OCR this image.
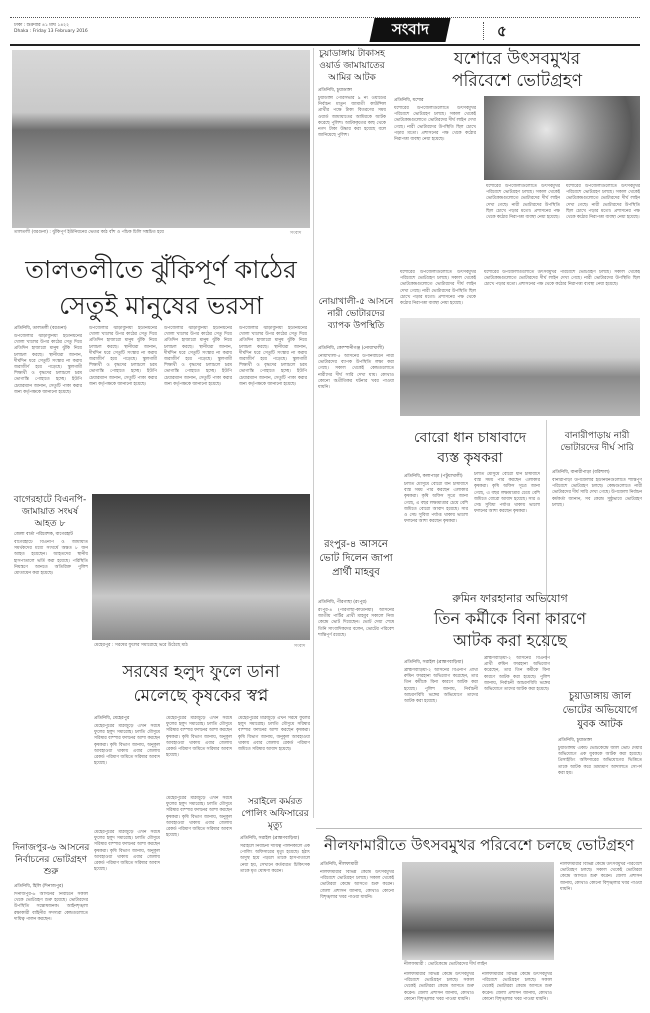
ঢাকা : শুক্রবার ৪১ মাঘ ১৪২২
Dhaka : Friday 13 February 2016	সংবাদ	৫
তালতলী (বরগুনা) : ঝুঁকিপূর্ণ ইউনিয়নের ভেতর কাঠ বাঁশ ও পাঁচক চিলি সঙ্কচিত হয়ে	সংবাদ
তালতলীতে ঝুঁকিপূর্ণ কাঠের
সেতুই মানুষের ভরসা
প্রতিনিধি, তালতলী (বরগুনা)
উপজেলার ঝাড়াবুনিয়া ইউনিয়নের খোলা খালের উপর কাঠের সেতু দিয়ে প্রতিদিন হাজারো মানুষ ঝুঁকি নিয়ে চলাচল করছে। স্থানীয়রা জানান, দীর্ঘদিন ধরে সেতুটি সংস্কার না করায় জরাজীর্ণ হয়ে পড়েছে। স্কুলগামী শিক্ষার্থী ও বৃদ্ধদের চলাচলে চরম ভোগান্তি পোহাতে হচ্ছে। ইউপি চেয়ারম্যান জানান, সেতুটি পাকা করার জন্য কর্তৃপক্ষকে জানানো হয়েছে।
উপজেলার ঝাড়াবুনিয়া ইউনিয়নের খোলা খালের উপর কাঠের সেতু দিয়ে প্রতিদিন হাজারো মানুষ ঝুঁকি নিয়ে চলাচল করছে। স্থানীয়রা জানান, দীর্ঘদিন ধরে সেতুটি সংস্কার না করায় জরাজীর্ণ হয়ে পড়েছে। স্কুলগামী শিক্ষার্থী ও বৃদ্ধদের চলাচলে চরম ভোগান্তি পোহাতে হচ্ছে। ইউপি চেয়ারম্যান জানান, সেতুটি পাকা করার জন্য কর্তৃপক্ষকে জানানো হয়েছে।
উপজেলার ঝাড়াবুনিয়া ইউনিয়নের খোলা খালের উপর কাঠের সেতু দিয়ে প্রতিদিন হাজারো মানুষ ঝুঁকি নিয়ে চলাচল করছে। স্থানীয়রা জানান, দীর্ঘদিন ধরে সেতুটি সংস্কার না করায় জরাজীর্ণ হয়ে পড়েছে। স্কুলগামী শিক্ষার্থী ও বৃদ্ধদের চলাচলে চরম ভোগান্তি পোহাতে হচ্ছে। ইউপি চেয়ারম্যান জানান, সেতুটি পাকা করার জন্য কর্তৃপক্ষকে জানানো হয়েছে।
উপজেলার ঝাড়াবুনিয়া ইউনিয়নের খোলা খালের উপর কাঠের সেতু দিয়ে প্রতিদিন হাজারো মানুষ ঝুঁকি নিয়ে চলাচল করছে। স্থানীয়রা জানান, দীর্ঘদিন ধরে সেতুটি সংস্কার না করায় জরাজীর্ণ হয়ে পড়েছে। স্কুলগামী শিক্ষার্থী ও বৃদ্ধদের চলাচলে চরম ভোগান্তি পোহাতে হচ্ছে। ইউপি চেয়ারম্যান জানান, সেতুটি পাকা করার জন্য কর্তৃপক্ষকে জানানো হয়েছে।
চুয়াডাঙ্গায় টাকাসহ ওয়ার্ড জামায়াতের আমির আটক
প্রতিনিধি, চুয়াডাঙ্গা
চুয়াডাঙ্গা পৌরসভার ৯ নং ওয়ার্ডের নির্বাচন মাতুন জামাতী কাউন্সিল প্রার্থীর পক্ষে টাকা বিতরণের সময় ওয়ার্ড জামায়াতের আমিরকে আটক করেছে পুলিশ। আটককৃতের কাছ থেকে নগদ টাকা উদ্ধার করা হয়েছে বলে জানিয়েছে পুলিশ।
যশোরে উৎসবমুখর
পরিবেশে ভোটগ্রহণ
প্রতিনিধি, যশোর
যশোরের উপজেলাগুলোতে উৎসবমুখর পরিবেশে ভোটগ্রহণ চলছে। সকাল থেকেই ভোটকেন্দ্রগুলোতে ভোটারদের দীর্ঘ লাইন দেখা গেছে। নারী ভোটারদের উপস্থিতি ছিল চোখে পড়ার মতো। প্রশাসনের পক্ষ থেকে কঠোর নিরাপত্তা ব্যবস্থা নেয়া হয়েছে।
যশোরের উপজেলাগুলোতে উৎসবমুখর পরিবেশে ভোটগ্রহণ চলছে। সকাল থেকেই ভোটকেন্দ্রগুলোতে ভোটারদের দীর্ঘ লাইন দেখা গেছে। নারী ভোটারদের উপস্থিতি ছিল চোখে পড়ার মতো। প্রশাসনের পক্ষ থেকে কঠোর নিরাপত্তা ব্যবস্থা নেয়া হয়েছে।
যশোরের উপজেলাগুলোতে উৎসবমুখর পরিবেশে ভোটগ্রহণ চলছে। সকাল থেকেই ভোটকেন্দ্রগুলোতে ভোটারদের দীর্ঘ লাইন দেখা গেছে। নারী ভোটারদের উপস্থিতি ছিল চোখে পড়ার মতো। প্রশাসনের পক্ষ থেকে কঠোর নিরাপত্তা ব্যবস্থা নেয়া হয়েছে।
নোয়াখালী-৫ আসনে নারী ভোটারদের ব্যাপক উপস্থিতি
প্রতিনিধি, কোম্পানীগঞ্জ (নোয়াখালী)
নোয়াখালী-৫ আসনের উপনির্বাচনে নারী ভোটারদের ব্যাপক উপস্থিতি লক্ষ্য করা গেছে। সকাল থেকেই কেন্দ্রগুলোতে নারীদের দীর্ঘ সারি দেখা যায়। কোথাও কোনো অপ্রীতিকর ঘটনার খবর পাওয়া যায়নি।
যশোরের উপজেলাগুলোতে উৎসবমুখর পরিবেশে ভোটগ্রহণ চলছে। সকাল থেকেই ভোটকেন্দ্রগুলোতে ভোটারদের দীর্ঘ লাইন দেখা গেছে। নারী ভোটারদের উপস্থিতি ছিল চোখে পড়ার মতো। প্রশাসনের পক্ষ থেকে কঠোর নিরাপত্তা ব্যবস্থা নেয়া হয়েছে।
যশোরের উপজেলাগুলোতে উৎসবমুখর পরিবেশে ভোটগ্রহণ চলছে। সকাল থেকেই ভোটকেন্দ্রগুলোতে ভোটারদের দীর্ঘ লাইন দেখা গেছে। নারী ভোটারদের উপস্থিতি ছিল চোখে পড়ার মতো। প্রশাসনের পক্ষ থেকে কঠোর নিরাপত্তা ব্যবস্থা নেয়া হয়েছে।
বোরো ধান চাষাবাদে
ব্যস্ত কৃষকরা
প্রতিনিধি, কলাপাড়া (পটুয়াখালী)
চলতি মৌসুমে বোরো ধান চাষাবাদে ব্যস্ত সময় পার করছেন এলাকার কৃষকরা। কৃষি অফিস সূত্রে জানা গেছে, এ বছর লক্ষ্যমাত্রার চেয়ে বেশি জমিতে বোরো আবাদ হয়েছে। সার ও সেচ সুবিধা পর্যাপ্ত থাকায় ভালো ফলনের আশা করছেন কৃষকরা।
চলতি মৌসুমে বোরো ধান চাষাবাদে ব্যস্ত সময় পার করছেন এলাকার কৃষকরা। কৃষি অফিস সূত্রে জানা গেছে, এ বছর লক্ষ্যমাত্রার চেয়ে বেশি জমিতে বোরো আবাদ হয়েছে। সার ও সেচ সুবিধা পর্যাপ্ত থাকায় ভালো ফলনের আশা করছেন কৃষকরা।
বানারীপাড়ায় নারী ভোটারদের দীর্ঘ সারি
প্রতিনিধি, বানারীপাড়া (বরিশাল)
বানারীপাড়া উপজেলার ইউনিয়নগুলোতে শান্তিপূর্ণ পরিবেশে ভোটগ্রহণ চলছে। কেন্দ্রগুলোতে নারী ভোটারদের দীর্ঘ সারি দেখা গেছে। উপজেলা নির্বাচন কর্মকর্তা জানান, সব কেন্দ্রে সুষ্ঠুভাবে ভোটগ্রহণ চলছে।
বাগেরহাটে বিএনপি-জামায়াত সংঘর্ষ আহত ৮
জেলা বার্তা পরিবেশক, বাগেরহাট
বাগেরহাটে বিএনপি ও জামায়াত সমর্থকদের মধ্যে সংঘর্ষে অন্তত ৮ জন আহত হয়েছেন। আহতদের স্থানীয় হাসপাতালে ভর্তি করা হয়েছে। পরিস্থিতি নিয়ন্ত্রণে আনতে অতিরিক্ত পুলিশ মোতায়েন করা হয়েছে।
মেহেরপুর : সরষের ফুলের সমারোহে ভরে উঠেছে মাঠ	সংবাদ
সরষের হলুদ ফুলে ডানা
মেলেছে কৃষকের স্বপ্ন
প্রতিনিধি, মেহেরপুর
মেহেরপুরের মাঠজুড়ে এখন সরষে ফুলের হলুদ সমারোহ। চলতি মৌসুমে সরিষার বাম্পার ফলনের আশা করছেন কৃষকরা। কৃষি বিভাগ জানায়, অনুকূল আবহাওয়া থাকায় এবার জেলায় রেকর্ড পরিমাণ জমিতে সরিষার আবাদ হয়েছে।
মেহেরপুরের মাঠজুড়ে এখন সরষে ফুলের হলুদ সমারোহ। চলতি মৌসুমে সরিষার বাম্পার ফলনের আশা করছেন কৃষকরা। কৃষি বিভাগ জানায়, অনুকূল আবহাওয়া থাকায় এবার জেলায় রেকর্ড পরিমাণ জমিতে সরিষার আবাদ হয়েছে।
মেহেরপুরের মাঠজুড়ে এখন সরষে ফুলের হলুদ সমারোহ। চলতি মৌসুমে সরিষার বাম্পার ফলনের আশা করছেন কৃষকরা। কৃষি বিভাগ জানায়, অনুকূল আবহাওয়া থাকায় এবার জেলায় রেকর্ড পরিমাণ জমিতে সরিষার আবাদ হয়েছে।
রংপুর-৪ আসনে ভোট দিলেন জাপা প্রার্থী মাহবুব
প্রতিনিধি, পীরগাছা (রংপুর)
রংপুর-৪ (পীরগাছা-কাউনিয়া) আসনের জাতীয় পার্টির প্রার্থী মাহবুব সকালে নিজ কেন্দ্রে ভোট দিয়েছেন। ভোট দেয়া শেষে তিনি সাংবাদিকদের বলেন, ভোটের পরিবেশ শান্তিপূর্ণ রয়েছে।
রুমিন ফারহানার অভিযোগ
তিন কর্মীকে বিনা কারণে
আটক করা হয়েছে
প্রতিনিধি, সরাইল (ব্রাহ্মণবাড়িয়া)
ব্রাহ্মণবাড়িয়া-২ আসনের বিএনপি প্রার্থী রুমিন ফারহানা অভিযোগ করেছেন, তার তিন কর্মীকে বিনা কারণে আটক করা হয়েছে। পুলিশ জানায়, নির্বাচনী আচরণবিধি ভঙ্গের অভিযোগে তাদের আটক করা হয়েছে।
ব্রাহ্মণবাড়িয়া-২ আসনের বিএনপি প্রার্থী রুমিন ফারহানা অভিযোগ করেছেন, তার তিন কর্মীকে বিনা কারণে আটক করা হয়েছে। পুলিশ জানায়, নির্বাচনী আচরণবিধি ভঙ্গের অভিযোগে তাদের আটক করা হয়েছে।
চুয়াডাঙ্গায় জাল ভোটের অভিযোগে যুবক আটক
প্রতিনিধি, চুয়াডাঙ্গা
চুয়াডাঙ্গায় একটি ভোটকেন্দ্রে জাল ভোট দেয়ার অভিযোগে এক যুবককে আটক করা হয়েছে। প্রিসাইডিং অফিসারের অভিযোগের ভিত্তিতে তাকে আটক করে ভ্রাম্যমাণ আদালতে সোপর্দ করা হয়।
সরাইলে কর্মরত পোলিং অফিসারের মৃত্যু
প্রতিনিধি, সরাইল (ব্রাহ্মণবাড়িয়া)
সরাইলে নির্বাচনী দায়িত্ব পালনকালে এক পোলিং অফিসারের মৃত্যু হয়েছে। হঠাৎ অসুস্থ হয়ে পড়লে তাকে হাসপাতালে নেয়া হয়, সেখানে কর্তব্যরত চিকিৎসক তাকে মৃত ঘোষণা করেন।
মেহেরপুরের মাঠজুড়ে এখন সরষে ফুলের হলুদ সমারোহ। চলতি মৌসুমে সরিষার বাম্পার ফলনের আশা করছেন কৃষকরা। কৃষি বিভাগ জানায়, অনুকূল আবহাওয়া থাকায় এবার জেলায় রেকর্ড পরিমাণ জমিতে সরিষার আবাদ হয়েছে।
মেহেরপুরের মাঠজুড়ে এখন সরষে ফুলের হলুদ সমারোহ। চলতি মৌসুমে সরিষার বাম্পার ফলনের আশা করছেন কৃষকরা। কৃষি বিভাগ জানায়, অনুকূল আবহাওয়া থাকায় এবার জেলায় রেকর্ড পরিমাণ জমিতে সরিষার আবাদ হয়েছে।
দিনাজপুর-৬ আসনের নির্বাচনের ভোটগ্রহণ শুরু
প্রতিনিধি, হিলি (দিনাজপুর)
দিনাজপুর-৬ আসনের নির্বাচনে সকাল থেকে ভোটগ্রহণ শুরু হয়েছে। ভোটারদের উপস্থিতি সন্তোষজনক। আইনশৃঙ্খলা রক্ষাকারী বাহিনীর সদস্যরা কেন্দ্রগুলোতে দায়িত্ব পালন করছেন।
নীলফামারীতে উৎসবমুখর পরিবেশে চলছে ভোটগ্রহণ
প্রতিনিধি, নীলফামারী
নীলফামারীর বিভিন্ন কেন্দ্রে উৎসবমুখর পরিবেশে ভোটগ্রহণ চলছে। সকাল থেকেই ভোটাররা কেন্দ্রে আসতে শুরু করেন। জেলা প্রশাসন জানায়, কোথাও কোনো বিশৃঙ্খলার খবর পাওয়া যায়নি।
নীলফামারী : ভোটকেন্দ্রে ভোটারদের দীর্ঘ লাইন
নীলফামারীর বিভিন্ন কেন্দ্রে উৎসবমুখর পরিবেশে ভোটগ্রহণ চলছে। সকাল থেকেই ভোটাররা কেন্দ্রে আসতে শুরু করেন। জেলা প্রশাসন জানায়, কোথাও কোনো বিশৃঙ্খলার খবর পাওয়া যায়নি।
নীলফামারীর বিভিন্ন কেন্দ্রে উৎসবমুখর পরিবেশে ভোটগ্রহণ চলছে। সকাল থেকেই ভোটাররা কেন্দ্রে আসতে শুরু করেন। জেলা প্রশাসন জানায়, কোথাও কোনো বিশৃঙ্খলার খবর পাওয়া যায়নি।
নীলফামারীর বিভিন্ন কেন্দ্রে উৎসবমুখর পরিবেশে ভোটগ্রহণ চলছে। সকাল থেকেই ভোটাররা কেন্দ্রে আসতে শুরু করেন। জেলা প্রশাসন জানায়, কোথাও কোনো বিশৃঙ্খলার খবর পাওয়া যায়নি।
